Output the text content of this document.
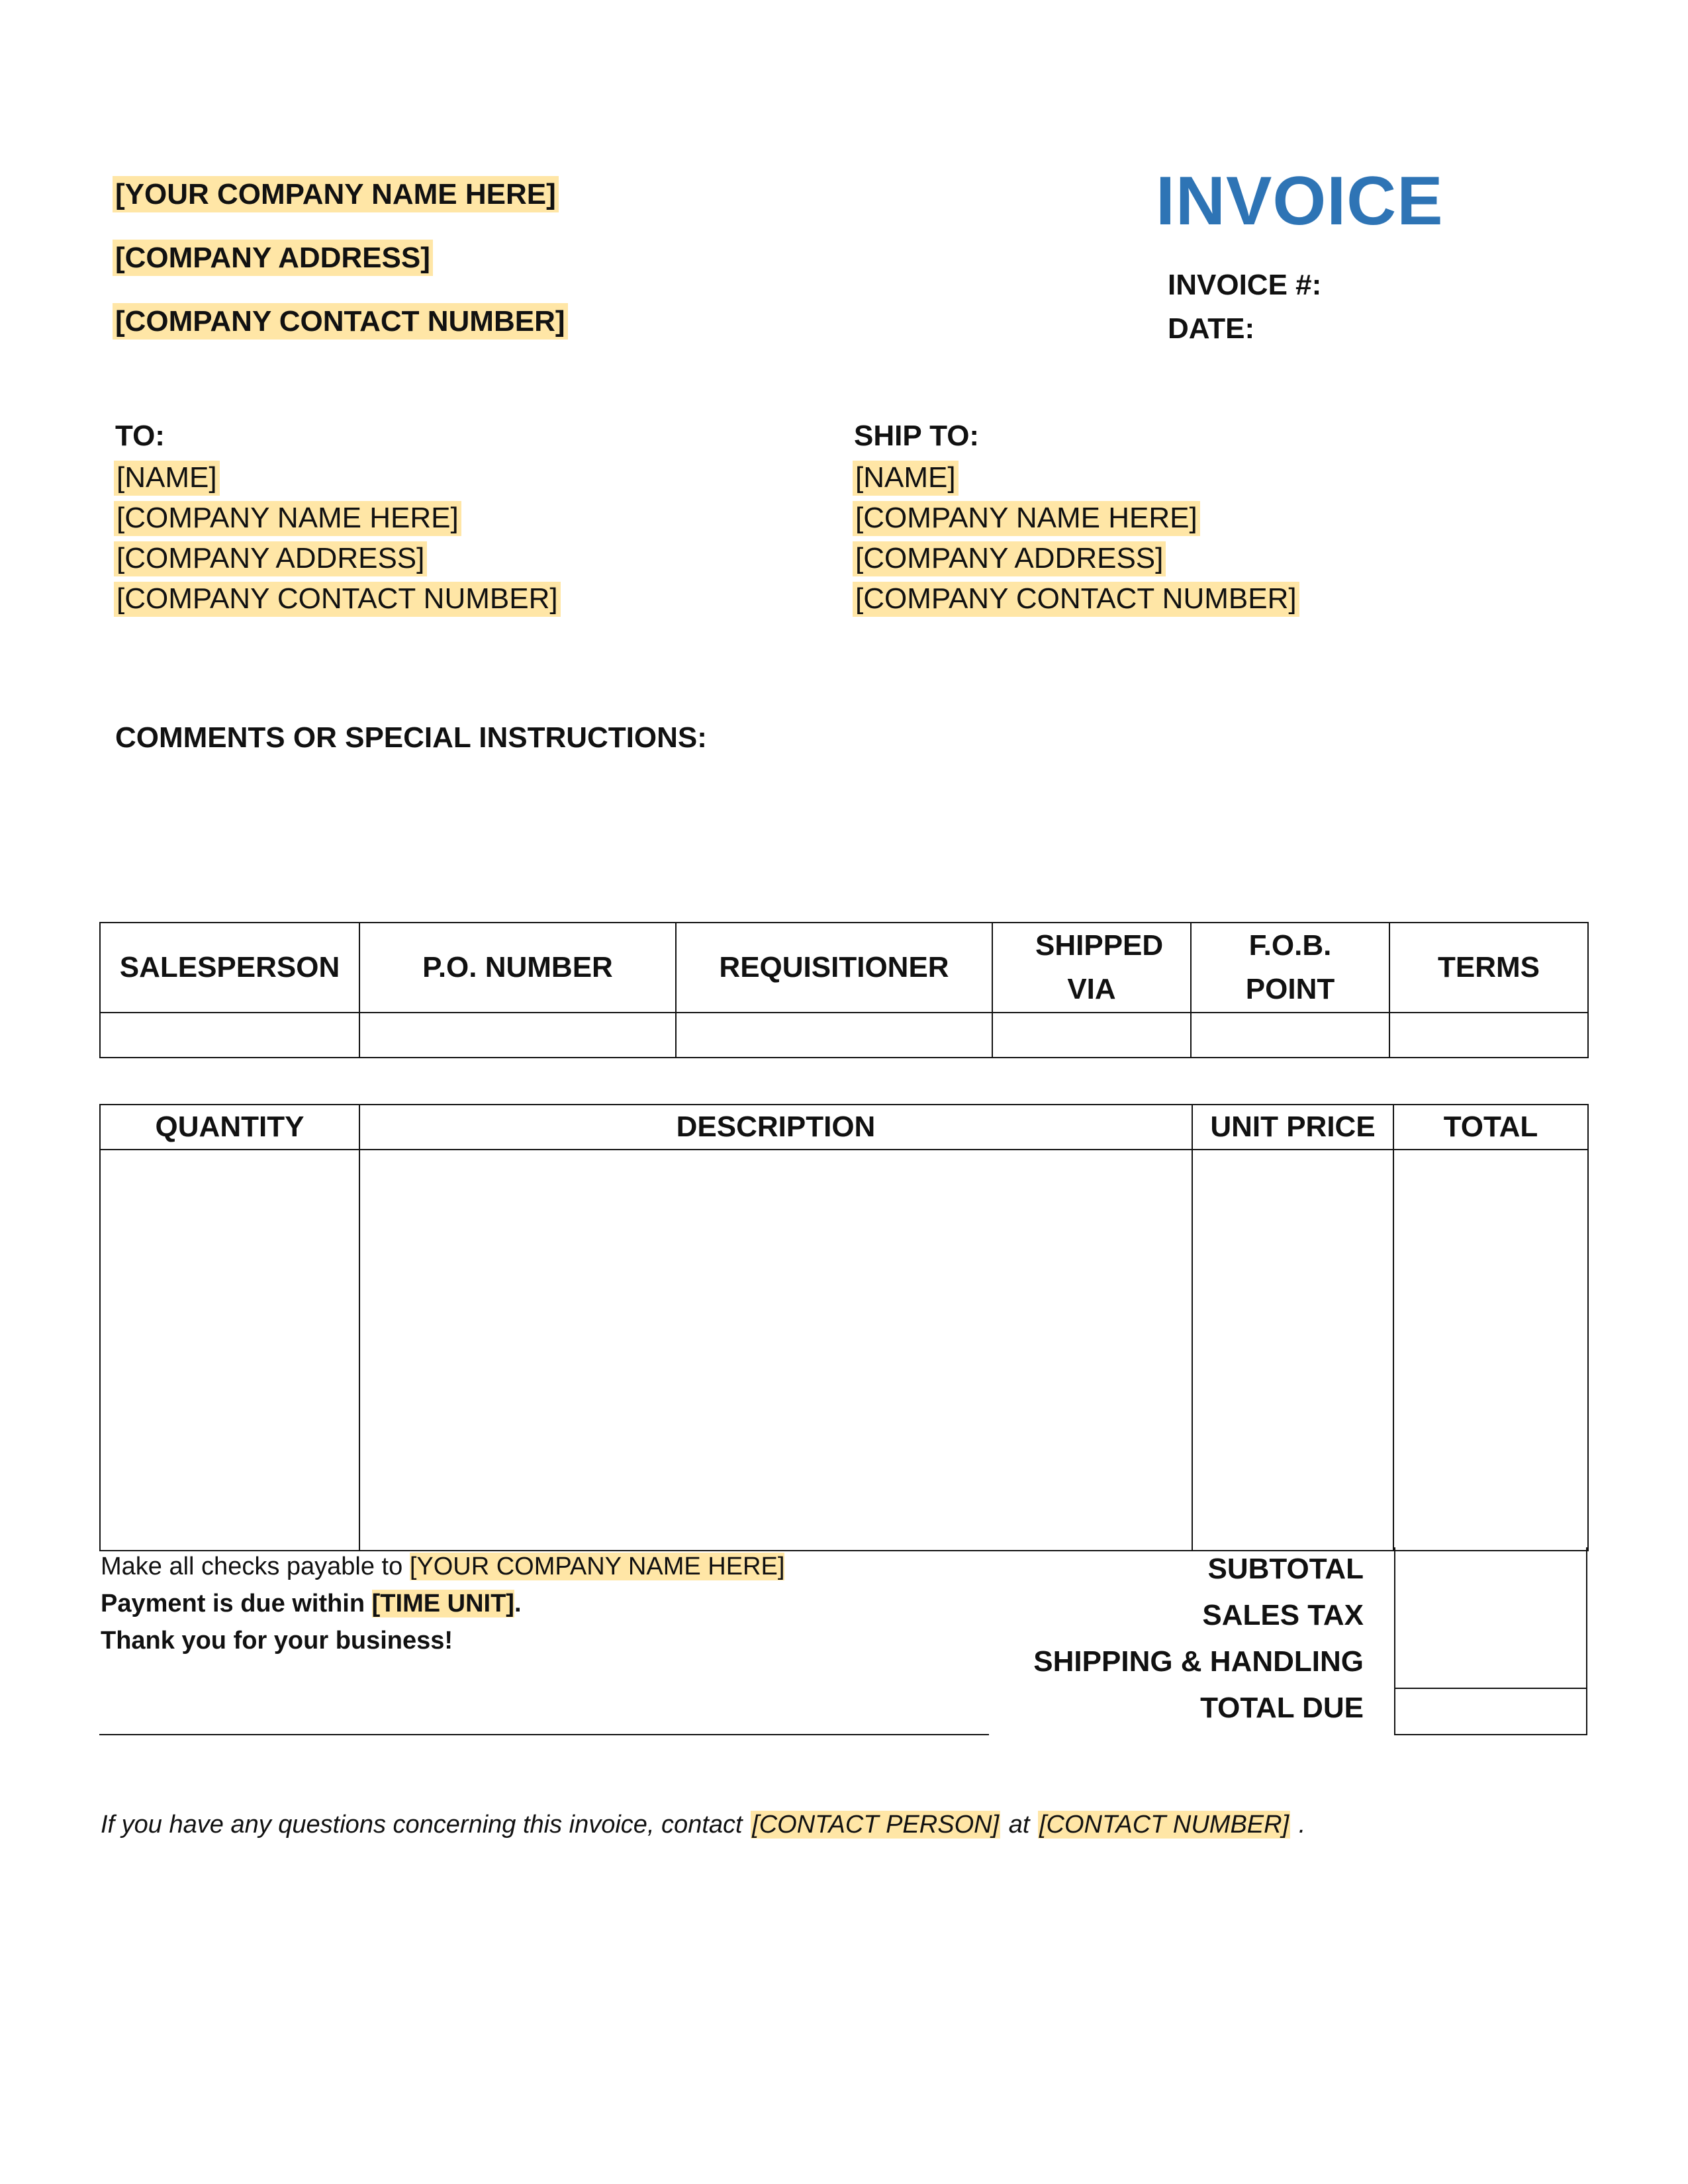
[YOUR COMPANY NAME HERE]
[COMPANY ADDRESS]
[COMPANY CONTACT NUMBER]
INVOICE
INVOICE #:
DATE:
TO:
[NAME]
[COMPANY NAME HERE]
[COMPANY ADDRESS]
[COMPANY CONTACT NUMBER]
SHIP TO:
[NAME]
[COMPANY NAME HERE]
[COMPANY ADDRESS]
[COMPANY CONTACT NUMBER]
COMMENTS OR SPECIAL INSTRUCTIONS:
SALESPERSON	P.O. NUMBER	REQUISITIONER	SHIPPED VIA	F.O.B. POINT	TERMS

QUANTITY	DESCRIPTION	UNIT PRICE	TOTAL

Make all checks payable to [YOUR COMPANY NAME HERE]
Payment is due within [TIME UNIT].
Thank you for your business!
SUBTOTAL
SALES TAX
SHIPPING & HANDLING
TOTAL DUE
If you have any questions concerning this invoice, contact [CONTACT PERSON] at [CONTACT NUMBER] .
